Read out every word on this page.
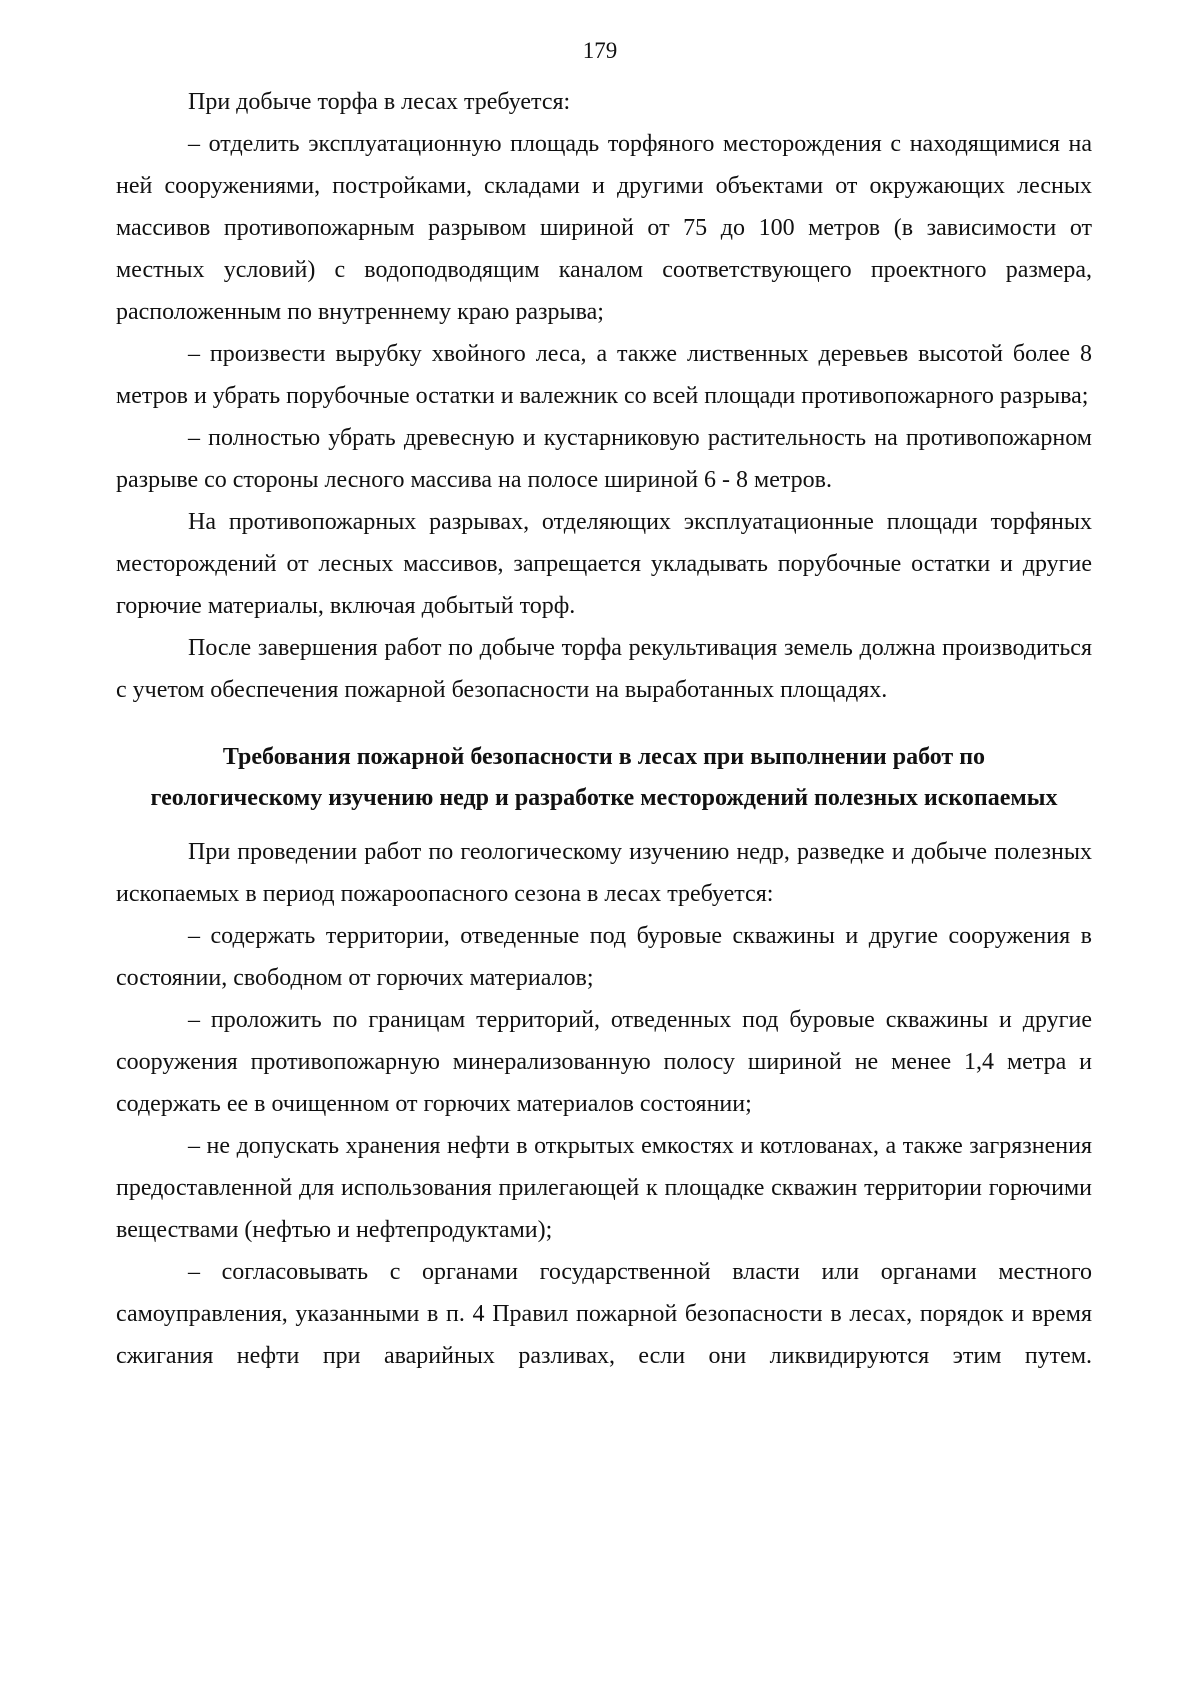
179

При добыче торфа в лесах требуется:

– отделить эксплуатационную площадь торфяного месторождения с находящимися на ней сооружениями, постройками, складами и другими объектами от окружающих лесных массивов противопожарным разрывом шириной от 75 до 100 метров (в зависимости от местных условий) с водоподводящим каналом соответствующего проектного размера, расположенным по внутреннему краю разрыва;

– произвести вырубку хвойного леса, а также лиственных деревьев высотой более 8 метров и убрать порубочные остатки и валежник со всей площади противопожарного разрыва;

– полностью убрать древесную и кустарниковую растительность на противопожарном разрыве со стороны лесного массива на полосе шириной 6 - 8 метров.

На противопожарных разрывах, отделяющих эксплуатационные площади торфяных месторождений от лесных массивов, запрещается укладывать порубочные остатки и другие горючие материалы, включая добытый торф.

После завершения работ по добыче торфа рекультивация земель должна производиться с учетом обеспечения пожарной безопасности на выработанных площадях.

Требования пожарной безопасности в лесах при выполнении работ по
геологическому изучению недр и разработке месторождений полезных ископаемых

При проведении работ по геологическому изучению недр, разведке и добыче полезных ископаемых в период пожароопасного сезона в лесах требуется:

– содержать территории, отведенные под буровые скважины и другие сооружения в состоянии, свободном от горючих материалов;

– проложить по границам территорий, отведенных под буровые скважины и другие сооружения противопожарную минерализованную полосу шириной не менее 1,4 метра и содержать ее в очищенном от горючих материалов состоянии;

– не допускать хранения нефти в открытых емкостях и котлованах, а также загрязнения предоставленной для использования прилегающей к площадке скважин территории горючими веществами (нефтью и нефтепродуктами);

– согласовывать с органами государственной власти или органами местного самоуправления, указанными в п. 4 Правил пожарной безопасности в лесах, порядок и время сжигания нефти при аварийных разливах, если они ликвидируются этим путем.
